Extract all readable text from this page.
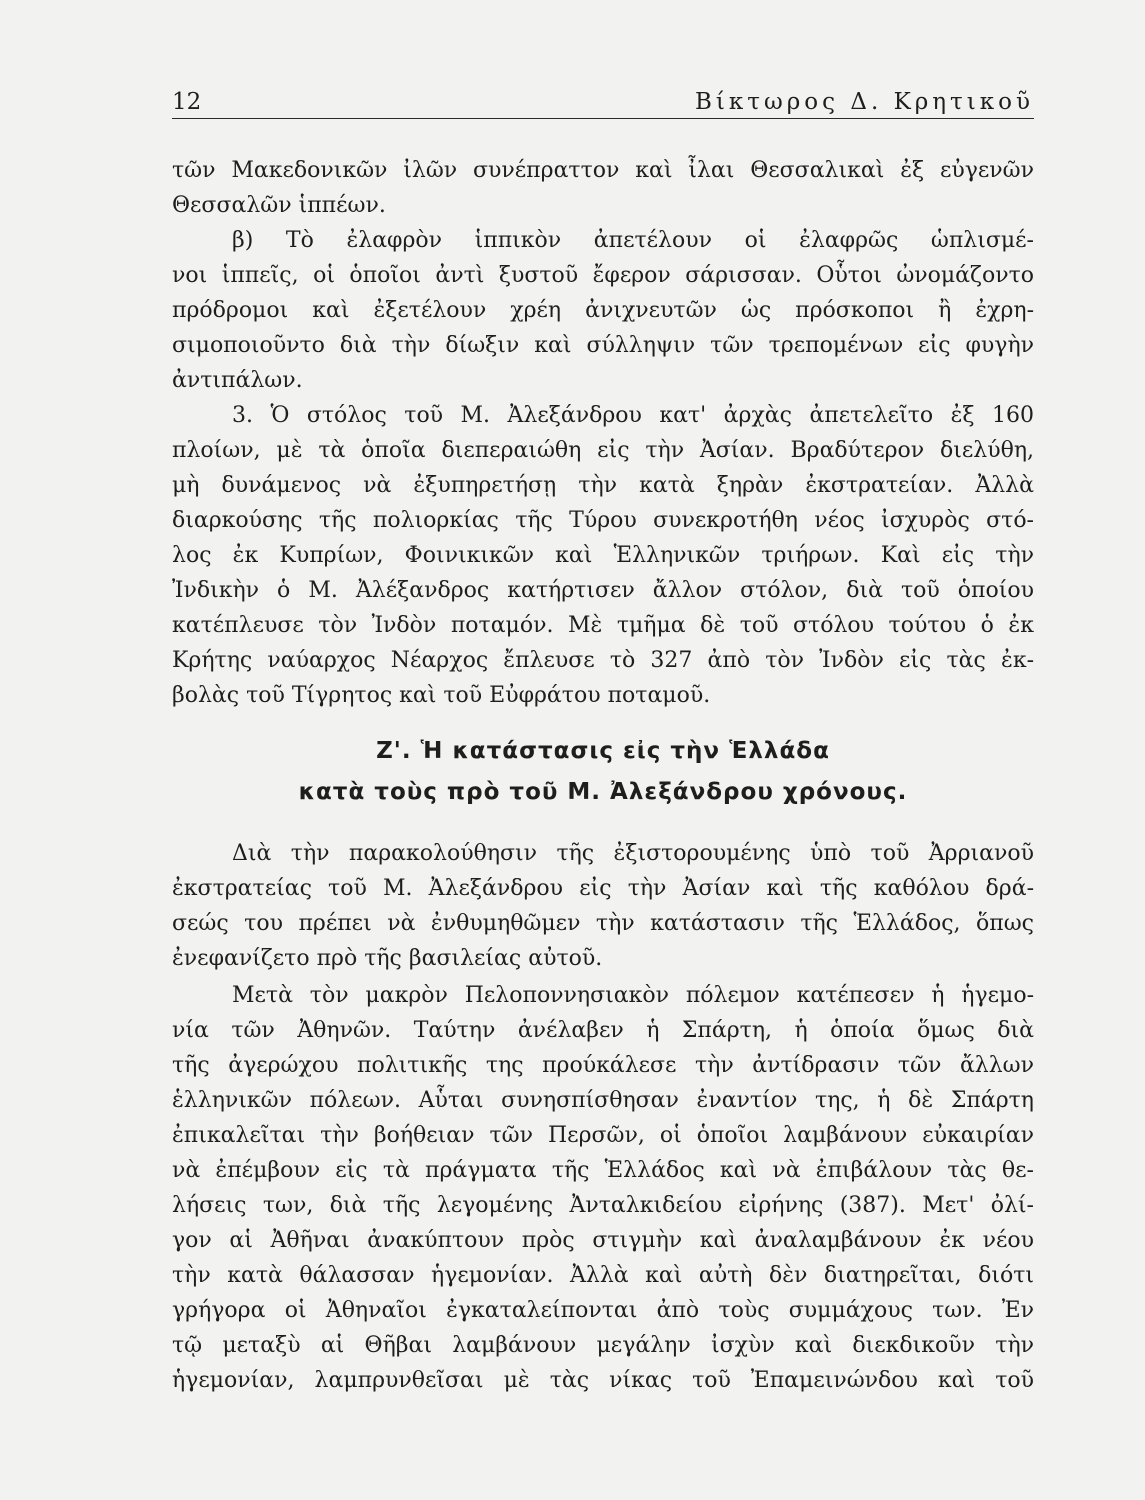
12	Βίκτωρος Δ. Κρητικοῦ
τῶν Μακεδονικῶν ἰλῶν συνέπραττον καὶ ἶλαι Θεσσαλικαὶ ἐξ εὐγενῶν
Θεσσαλῶν ἱππέων.
β) Τὸ ἐλαφρὸν ἱππικὸν ἀπετέλουν οἱ ἐλαφρῶς ὡπλισμέ-
νοι ἱππεῖς, οἱ ὁποῖοι ἀντὶ ξυστοῦ ἔφερον σάρισσαν. Οὗτοι ὠνομάζοντο
πρόδρομοι καὶ ἐξετέλουν χρέη ἀνιχνευτῶν ὡς πρόσκοποι ἢ ἐχρη-
σιμοποιοῦντο διὰ τὴν δίωξιν καὶ σύλληψιν τῶν τρεπομένων εἰς φυγὴν
ἀντιπάλων.
3. Ὁ στόλος τοῦ Μ. Ἀλεξάνδρου κατ' ἀρχὰς ἀπετελεῖτο ἐξ 160
πλοίων, μὲ τὰ ὁποῖα διεπεραιώθη εἰς τὴν Ἀσίαν. Βραδύτερον διελύθη,
μὴ δυνάμενος νὰ ἐξυπηρετήσῃ τὴν κατὰ ξηρὰν ἐκστρατείαν. Ἀλλὰ
διαρκούσης τῆς πολιορκίας τῆς Τύρου συνεκροτήθη νέος ἰσχυρὸς στό-
λος ἐκ Κυπρίων, Φοινικικῶν καὶ Ἑλληνικῶν τριήρων. Καὶ εἰς τὴν
Ἰνδικὴν ὁ Μ. Ἀλέξανδρος κατήρτισεν ἄλλον στόλον, διὰ τοῦ ὁποίου
κατέπλευσε τὸν Ἰνδὸν ποταμόν. Μὲ τμῆμα δὲ τοῦ στόλου τούτου ὁ ἐκ
Κρήτης ναύαρχος Νέαρχος ἔπλευσε τὸ 327 ἀπὸ τὸν Ἰνδὸν εἰς τὰς ἐκ-
βολὰς τοῦ Τίγρητος καὶ τοῦ Εὐφράτου ποταμοῦ.
Ζ'. Ἡ κατάστασις εἰς τὴν Ἑλλάδα
κατὰ τοὺς πρὸ τοῦ Μ. Ἀλεξάνδρου χρόνους.
Διὰ τὴν παρακολούθησιν τῆς ἐξιστορουμένης ὑπὸ τοῦ Ἀρριανοῦ
ἐκστρατείας τοῦ Μ. Ἀλεξάνδρου εἰς τὴν Ἀσίαν καὶ τῆς καθόλου δρά-
σεώς του πρέπει νὰ ἐνθυμηθῶμεν τὴν κατάστασιν τῆς Ἑλλάδος, ὅπως
ἐνεφανίζετο πρὸ τῆς βασιλείας αὐτοῦ.
Μετὰ τὸν μακρὸν Πελοποννησιακὸν πόλεμον κατέπεσεν ἡ ἡγεμο-
νία τῶν Ἀθηνῶν. Ταύτην ἀνέλαβεν ἡ Σπάρτη, ἡ ὁποία ὅμως διὰ
τῆς ἀγερώχου πολιτικῆς της προύκάλεσε τὴν ἀντίδρασιν τῶν ἄλλων
ἑλληνικῶν πόλεων. Αὗται συνησπίσθησαν ἐναντίον της, ἡ δὲ Σπάρτη
ἐπικαλεῖται τὴν βοήθειαν τῶν Περσῶν, οἱ ὁποῖοι λαμβάνουν εὐκαιρίαν
νὰ ἐπέμβουν εἰς τὰ πράγματα τῆς Ἑλλάδος καὶ νὰ ἐπιβάλουν τὰς θε-
λήσεις των, διὰ τῆς λεγομένης Ἀνταλκιδείου εἰρήνης (387). Μετ' ὀλί-
γον αἱ Ἀθῆναι ἀνακύπτουν πρὸς στιγμὴν καὶ ἀναλαμβάνουν ἐκ νέου
τὴν κατὰ θάλασσαν ἡγεμονίαν. Ἀλλὰ καὶ αὐτὴ δὲν διατηρεῖται, διότι
γρήγορα οἱ Ἀθηναῖοι ἐγκαταλείπονται ἀπὸ τοὺς συμμάχους των. Ἐν
τῷ μεταξὺ αἱ Θῆβαι λαμβάνουν μεγάλην ἰσχὺν καὶ διεκδικοῦν τὴν
ἡγεμονίαν, λαμπρυνθεῖσαι μὲ τὰς νίκας τοῦ Ἐπαμεινώνδου καὶ τοῦ
